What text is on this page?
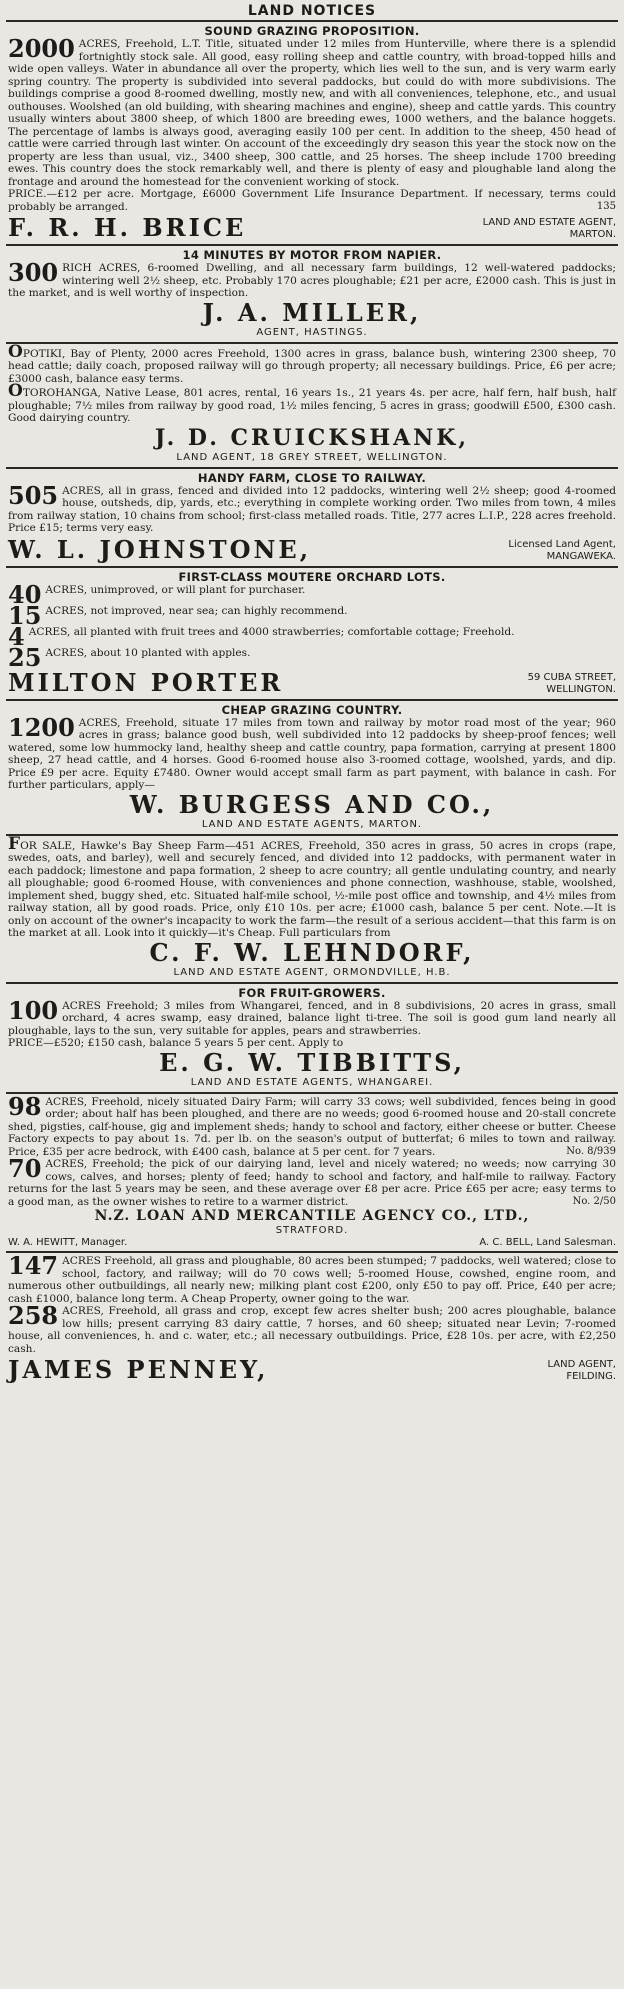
LAND NOTICES
SOUND GRAZING PROPOSITION.
2000 ACRES, Freehold, L.T. Title, situated under 12 miles from Hunterville, where there is a splendid fortnightly stock sale. All good, easy rolling sheep and cattle country, with broad-topped hills and wide open valleys. Water in abundance all over the property, which lies well to the sun, and is very warm early spring country. The property is subdivided into several paddocks, but could do with more subdivisions. The buildings comprise a good 8-roomed dwelling, mostly new, and with all conveniences, telephone, etc., and usual outhouses. Woolshed (an old building, with shearing machines and engine), sheep and cattle yards. This country usually winters about 3800 sheep, of which 1800 are breeding ewes, 1000 wethers, and the balance hoggets. The percentage of lambs is always good, averaging easily 100 per cent. In addition to the sheep, 450 head of cattle were carried through last winter. On account of the exceedingly dry season this year the stock now on the property are less than usual, viz., 3400 sheep, 300 cattle, and 25 horses. The sheep include 1700 breeding ewes. This country does the stock remarkably well, and there is plenty of easy and ploughable land along the frontage and around the homestead for the convenient working of stock.
PRICE.—£12 per acre. Mortgage, £6000 Government Life Insurance Department. If necessary, terms could probably be arranged.	135
F. R. H. BRICE	LAND AND ESTATE AGENT,
MARTON.
14 MINUTES BY MOTOR FROM NAPIER.
300 RICH ACRES, 6-roomed Dwelling, and all necessary farm buildings, 12 well-watered paddocks; wintering well 2½ sheep, etc. Probably 170 acres ploughable; £21 per acre, £2000 cash. This is just in the market, and is well worthy of inspection.
J. A. MILLER,
AGENT, HASTINGS.
OPOTIKI, Bay of Plenty, 2000 acres Freehold, 1300 acres in grass, balance bush, wintering 2300 sheep, 70 head cattle; daily coach, proposed railway will go through property; all necessary buildings. Price, £6 per acre; £3000 cash, balance easy terms.
OTOROHANGA, Native Lease, 801 acres, rental, 16 years 1s., 21 years 4s. per acre, half fern, half bush, half ploughable; 7½ miles from railway by good road, 1½ miles fencing, 5 acres in grass; goodwill £500, £300 cash. Good dairying country.
J. D. CRUICKSHANK,
LAND AGENT, 18 GREY STREET, WELLINGTON.
HANDY FARM, CLOSE TO RAILWAY.
505 ACRES, all in grass, fenced and divided into 12 paddocks, wintering well 2½ sheep; good 4-roomed house, outsheds, dip, yards, etc.; everything in complete working order. Two miles from town, 4 miles from railway station, 10 chains from school; first-class metalled roads. Title, 277 acres L.I.P., 228 acres freehold. Price £15; terms very easy.
W. L. JOHNSTONE,	Licensed Land Agent,
MANGAWEKA.
FIRST-CLASS MOUTERE ORCHARD LOTS.
40 ACRES, unimproved, or will plant for purchaser.
15 ACRES, not improved, near sea; can highly recommend.
4 ACRES, all planted with fruit trees and 4000 strawberries; comfortable cottage; Freehold.
25 ACRES, about 10 planted with apples.
MILTON PORTER	59 CUBA STREET,
WELLINGTON.
CHEAP GRAZING COUNTRY.
1200 ACRES, Freehold, situate 17 miles from town and railway by motor road most of the year; 960 acres in grass; balance good bush, well subdivided into 12 paddocks by sheep-proof fences; well watered, some low hummocky land, healthy sheep and cattle country, papa formation, carrying at present 1800 sheep, 27 head cattle, and 4 horses. Good 6-roomed house also 3-roomed cottage, woolshed, yards, and dip. Price £9 per acre. Equity £7480. Owner would accept small farm as part payment, with balance in cash. For further particulars, apply—
W. BURGESS AND CO.,
LAND AND ESTATE AGENTS, MARTON.
FOR SALE, Hawke's Bay Sheep Farm—451 ACRES, Freehold, 350 acres in grass, 50 acres in crops (rape, swedes, oats, and barley), well and securely fenced, and divided into 12 paddocks, with permanent water in each paddock; limestone and papa formation, 2 sheep to acre country; all gentle undulating country, and nearly all ploughable; good 6-roomed House, with conveniences and phone connection, washhouse, stable, woolshed, implement shed, buggy shed, etc. Situated half-mile school, ½-mile post office and township, and 4½ miles from railway station, all by good roads. Price, only £10 10s. per acre; £1000 cash, balance 5 per cent. Note.—It is only on account of the owner's incapacity to work the farm—the result of a serious accident—that this farm is on the market at all. Look into it quickly—it's Cheap. Full particulars from
C. F. W. LEHNDORF,
LAND AND ESTATE AGENT, ORMONDVILLE, H.B.
FOR FRUIT-GROWERS.
100 ACRES Freehold; 3 miles from Whangarei, fenced, and in 8 subdivisions, 20 acres in grass, small orchard, 4 acres swamp, easy drained, balance light ti-tree. The soil is good gum land nearly all ploughable, lays to the sun, very suitable for apples, pears and strawberries.
PRICE—£520; £150 cash, balance 5 years 5 per cent. Apply to
E. G. W. TIBBITTS,
LAND AND ESTATE AGENTS, WHANGAREI.
98 ACRES, Freehold, nicely situated Dairy Farm; will carry 33 cows; well subdivided, fences being in good order; about half has been ploughed, and there are no weeds; good 6-roomed house and 20-stall concrete shed, pigsties, calf-house, gig and implement sheds; handy to school and factory, either cheese or butter. Cheese Factory expects to pay about 1s. 7d. per lb. on the season's output of butterfat; 6 miles to town and railway. Price, £35 per acre bedrock, with £400 cash, balance at 5 per cent. for 7 years.	No. 8/939
70 ACRES, Freehold; the pick of our dairying land, level and nicely watered; no weeds; now carrying 30 cows, calves, and horses; plenty of feed; handy to school and factory, and half-mile to railway. Factory returns for the last 5 years may be seen, and these average over £8 per acre. Price £65 per acre; easy terms to a good man, as the owner wishes to retire to a warmer district.	No. 2/50
N.Z. LOAN AND MERCANTILE AGENCY CO., LTD.,
STRATFORD.
W. A. HEWITT, Manager.	A. C. BELL, Land Salesman.
147 ACRES Freehold, all grass and ploughable, 80 acres been stumped; 7 paddocks, well watered; close to school, factory, and railway; will do 70 cows well; 5-roomed House, cowshed, engine room, and numerous other outbuildings, all nearly new; milking plant cost £200, only £50 to pay off. Price, £40 per acre; cash £1000, balance long term. A Cheap Property, owner going to the war.
258 ACRES, Freehold, all grass and crop, except few acres shelter bush; 200 acres ploughable, balance low hills; present carrying 83 dairy cattle, 7 horses, and 60 sheep; situated near Levin; 7-roomed house, all conveniences, h. and c. water, etc.; all necessary outbuildings. Price, £28 10s. per acre, with £2,250 cash.
JAMES PENNEY,	LAND AGENT,
FEILDING.
